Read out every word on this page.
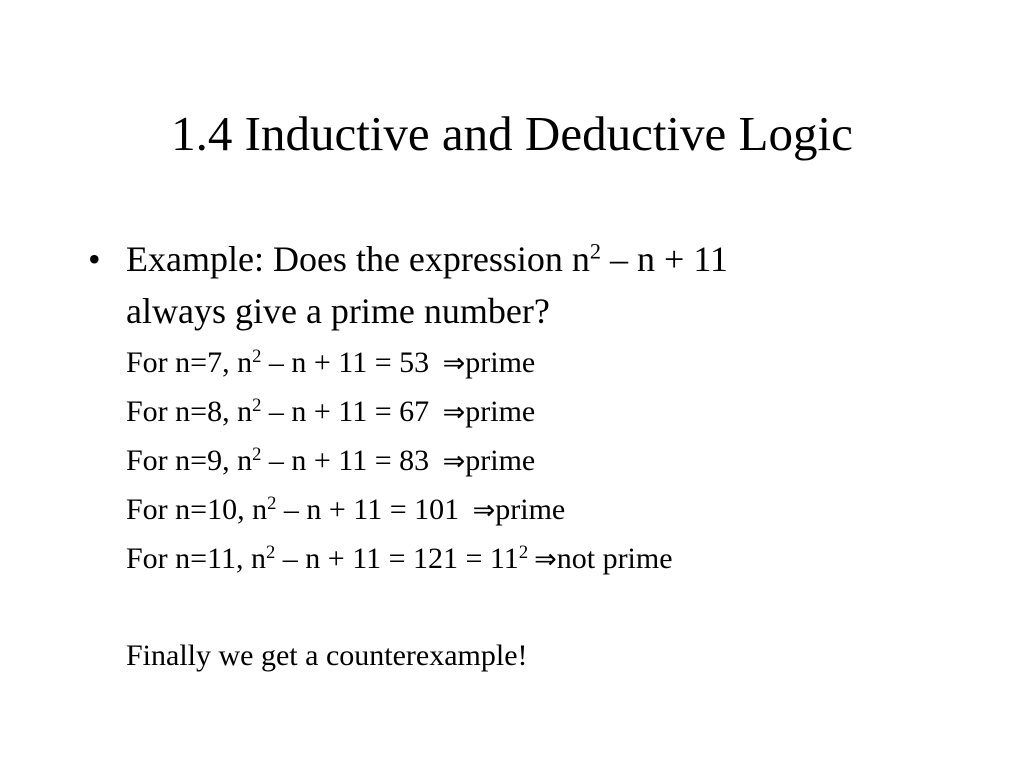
1.4 Inductive and Deductive Logic
• Example: Does the expression $n^2 - n + 11$
always give a prime number?
For n=7, $n^2 - n + 11 = 53$ ⇒prime
For n=8, $n^2 - n + 11 = 67$ ⇒prime
For n=9, $n^2 - n + 11 = 83$ ⇒prime
For n=10, $n^2 - n + 11 = 101$ ⇒prime
For n=11, $n^2 - n + 11 = 121 = 11^2$ ⇒not prime
Finally we get a counterexample!
